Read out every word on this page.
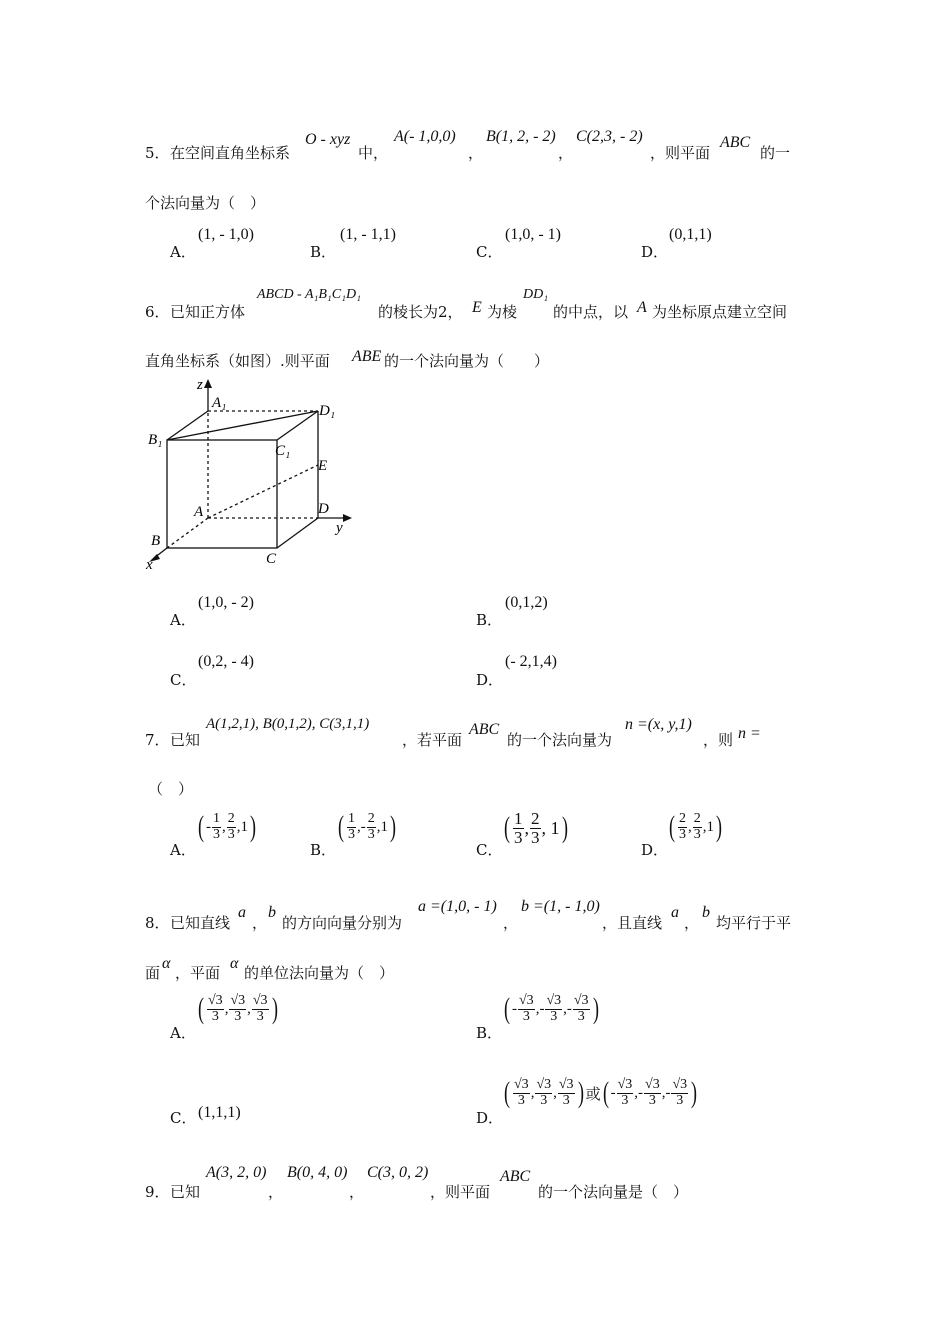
5． 在空间直角坐标系
O - xyz
中，
A(- 1,0,0)
，
B(1, 2, - 2)
，
C(2,3, - 2)
，则平面
ABC
的一
个法向量为（　）
A．
(1, - 1,0)
B．
(1, - 1,1)
C．
(1,0, - 1)
D．
(0,1,1)
6． 已知正方体
ABCD - A₁B₁C₁D₁
的棱长为2， E 为棱
DD₁
的中点，以 A 为坐标原点建立空间
直角坐标系（如图）.则平面 ABE 的一个法向量为（　　）
z
y
x
A₁
B₁
C₁
D₁
A
B
C
D
E
A．
(1,0, - 2)
B．
(0,1,2)
C．
(0,2, - 4)
D．
(- 2,1,4)
7． 已知
A(1,2,1), B(0,1,2), C(3,1,1)
，若平面
ABC
的一个法向量为
n =(x, y,1)
，则 n =
（　）
A．
( - $\frac{1}{3}$ , $\frac{2}{3} ,1$ )
B．
( $\frac{1}{3}$ ,- $\frac{2}{3} ,1$ )
C．
( $\frac{1}{3}$ , $\frac{2}{3}$ , 1 )
D．
( $\frac{2}{3}$ , $\frac{2}{3} ,1$ )
8． 已知直线
a
，
b
的方向向量分别为
a =(1,0, - 1)
，
b =(1, - 1,0)
，且直线
a
，
b
均平行于平
面
α
，平面
α
的单位法向量为（　）
A．
( $\frac{√3}{3}$ , $\frac{√3}{3}$ , $\frac{√3}{3}$ )
B．
( - $\frac{√3}{3}$ , - $\frac{√3}{3}$ , - $\frac{√3}{3}$ )
C． (1,1,1)	D．
( $\frac{√3}{3}$ , $\frac{√3}{3}$ , $\frac{√3}{3}$ ) 或 ( - $\frac{√3}{3}$ , - $\frac{√3}{3}$ , - $\frac{√3}{3}$ )
9． 已知
A(3, 2, 0)
，
B(0, 4, 0)
，
C(3, 0, 2)
，则平面
ABC
的一个法向量是（　）
